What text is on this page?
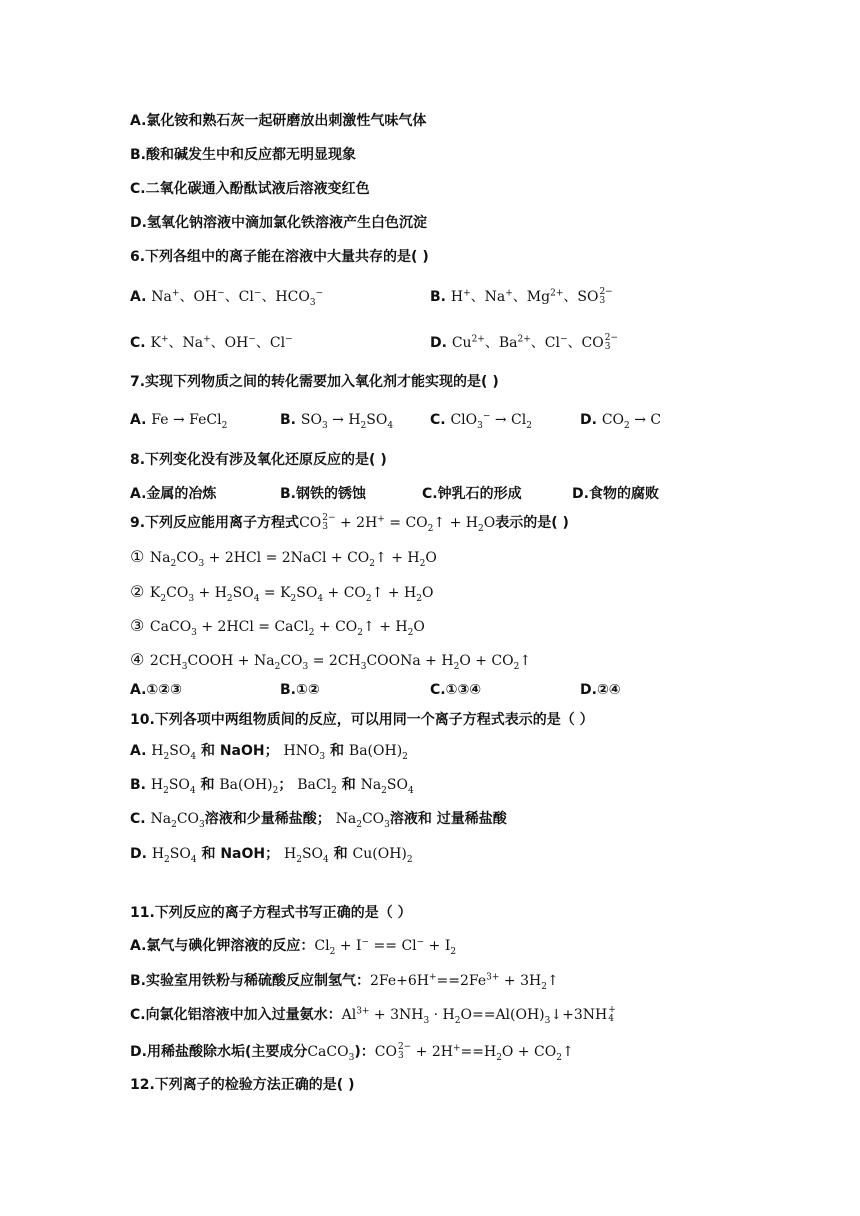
A.氯化铵和熟石灰一起研磨放出刺激性气味气体
B.酸和碱发生中和反应都无明显现象
C.二氧化碳通入酚酞试液后溶液变红色
D.氢氧化钠溶液中滴加氯化铁溶液产生白色沉淀
6.下列各组中的离子能在溶液中大量共存的是( )
A. Na+、OH−、Cl−、$HCO_3^-$	B. H+、Na+、$Mg^{2+}$、SO 2−
3
C. K+、Na+、OH−、Cl−	D. $Cu^{2+}$、$Ba^{2+}$、Cl−、CO 2−
3
7.实现下列物质之间的转化需要加入氧化剂才能实现的是( )
A. Fe → FeCl$_2$	B. $SO_3 \to H_2SO_4$	C. $ClO_3^- \to Cl_2$	D. $CO_2 \to C$
8.下列变化没有涉及氧化还原反应的是( )
A.金属的冶炼	B.钢铁的锈蚀	C.钟乳石的形成	D.食物的腐败
9.下列反应能用离子方程式CO 2−
$3 + 2H^+ = CO_2↑ + H_2O$表示的是( )
① $Na_2CO_3 + 2HCl$ = 2NaCl + $CO_2↑ + H_2O$
② $K_2CO_3 + H_2SO_4 = K_2SO_4$ + $CO_2↑ + H_2O$
③ CaCO$_3$ + 2HCl = CaCl$_2$ + $CO_2↑ + H_2O$
④ $2CH_3COOH + Na_2CO_3$ = $2CH_3COONa + H_2O$ + $CO_2↑$
A.①②③	B.①②	C.①③④	D.②④
10.下列各项中两组物质间的反应，可以用同一个离子方程式表示的是（ ）
A. $H_2SO_4$ 和 NaOH； $HNO_3$ 和 $Ba(OH)_2$
B. $H_2SO_4$ 和 $Ba(OH)_2$； BaCl$_2$ 和 $Na_2SO_4$
C. $Na_2CO_3$溶液和少量稀盐酸； $Na_2CO_3$溶液和 过量稀盐酸
D. $H_2SO_4$ 和 NaOH； $H_2SO_4$ 和 $Cu(OH)_2$
11.下列反应的离子方程式书写正确的是（ ）
A.氯气与碘化钾溶液的反应：$Cl_2 + I^- == Cl^- + I_2$
B.实验室用铁粉与稀硫酸反应制氢气：$2Fe+6H^+==2Fe^{3+}$ + $3H_2↑$
C.向氯化铝溶液中加入过量氨水：$Al^{3+} + 3NH_3$ · $H_2O==Al(OH)_3↓+3NH$ +
4
D.用稀盐酸除水垢(主要成分CaCO$_3$)：CO 2−
$3 + 2H^+==H_2O$ + $CO_2↑$
12.下列离子的检验方法正确的是( )
